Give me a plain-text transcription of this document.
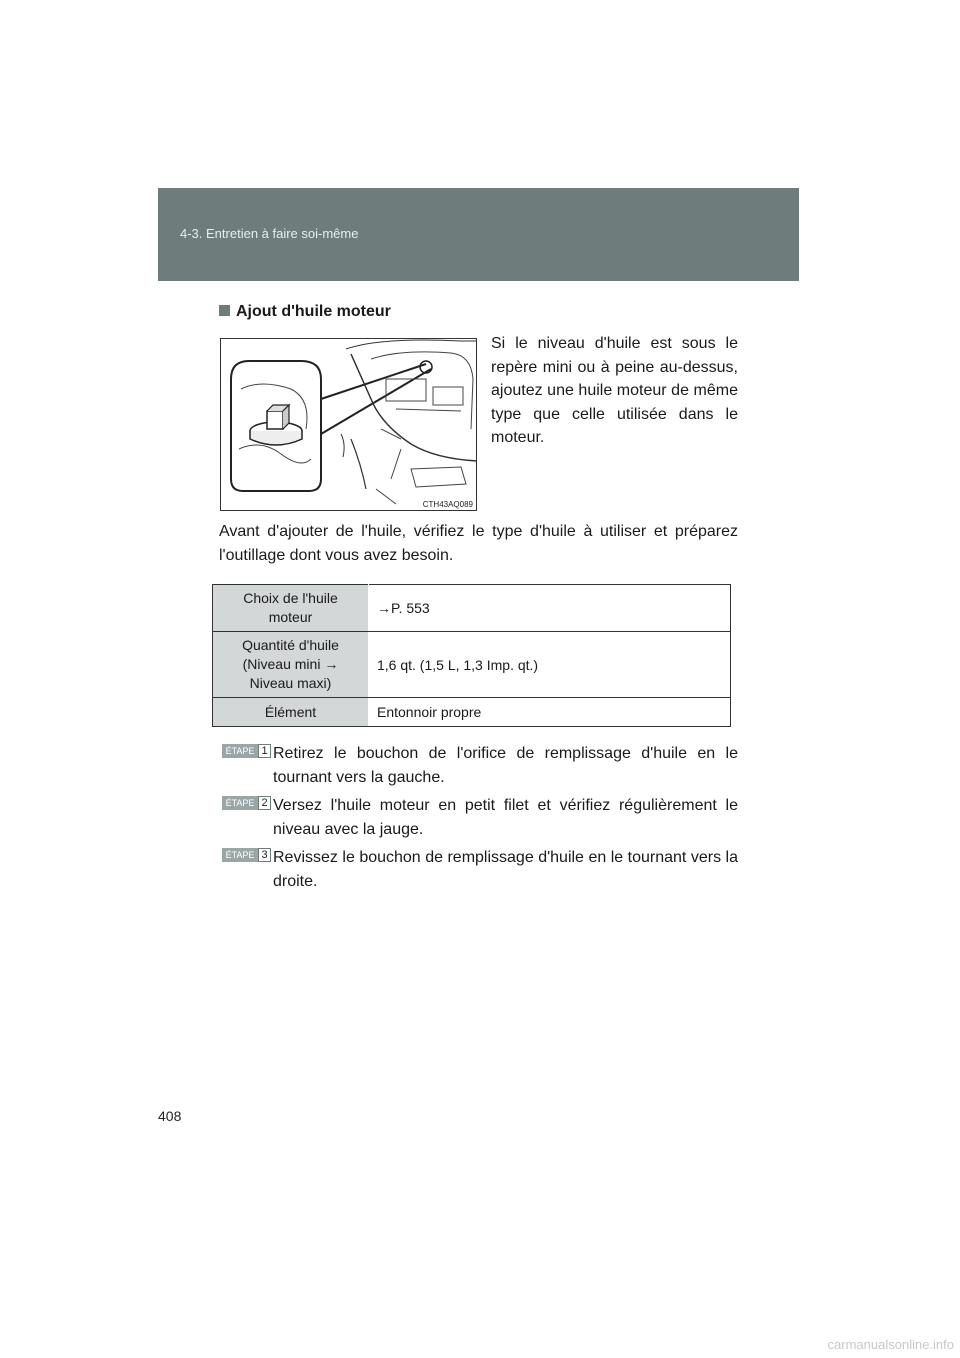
4-3. Entretien à faire soi-même
Ajout d'huile moteur
CTH43AQ089
Si le niveau d'huile est sous le repère mini ou à peine au-dessus, ajoutez une huile moteur de même type que celle utilisée dans le moteur.
Avant d'ajouter de l'huile, vérifiez le type d'huile à utiliser et préparez l'outillage dont vous avez besoin.
Choix de l'huile
moteur	→P. 553

Quantité d'huile
(Niveau mini →
Niveau maxi)	1,6 qt. (1,5 L, 1,3 Imp. qt.)

Élément	Entonnoir propre
ÉTAPE 1 Retirez le bouchon de l'orifice de remplissage d'huile en le tournant vers la gauche.
ÉTAPE 2 Versez l'huile moteur en petit filet et vérifiez régulièrement le niveau avec la jauge.
ÉTAPE 3 Revissez le bouchon de remplissage d'huile en le tournant vers la droite.
408
carmanualsonline.info
